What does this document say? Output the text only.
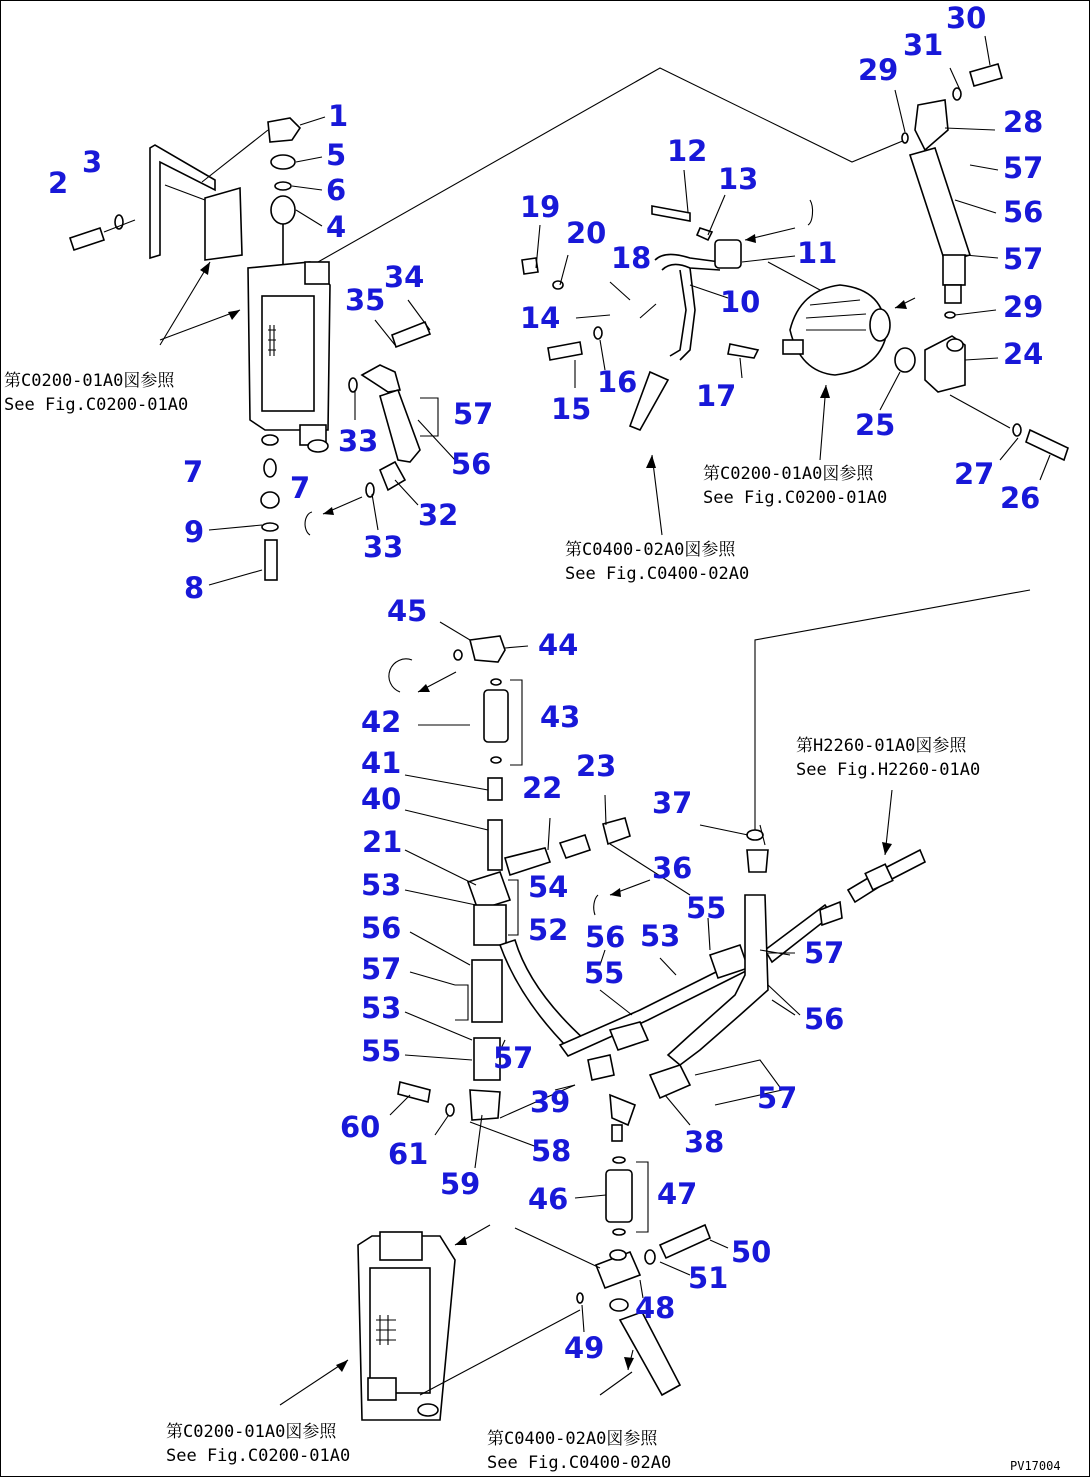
1
2
3
4
5
6
7	7
8
9
10
11
12
13
14
15
16 17
18
19
20
21
22
23
24
25
26
27
28
29
29
30
31
32
33
33
34
35
36
37
38
39
40
41
42	43
44
45
46	47
48
49
50
51
52
53
53
53
54
55
55
55
56
56
56	56
56
57
57
57
57
57
57
57
58
59
60
61
第C0200-01A0図参照
See Fig.C0200-01A0
第C0200-01A0図参照
See Fig.C0200-01A0
第C0400-02A0図参照
See Fig.C0400-02A0
第H2260-01A0図参照
See Fig.H2260-01A0
第C0200-01A0図参照
See Fig.C0200-01A0
第C0400-02A0図参照
See Fig.C0400-02A0	PV17004
